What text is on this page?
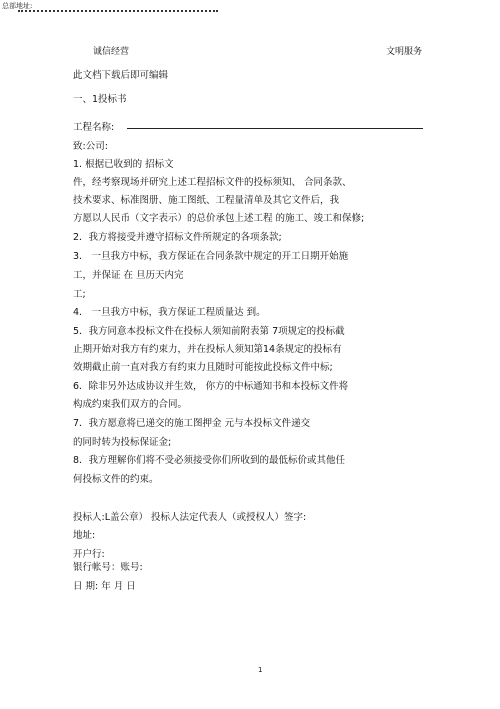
总部地址:
诚信经营	文明服务
此文档下载后即可编辑
一、1投标书
工程名称:
致:公司:
1. 根据已收到的 招标文
件，经考察现场并研究上述工程招标文件的投标须知、 合同条款、
技术要求、标准图册、施工图纸、工程量清单及其它文件后，我
方愿以人民币（文字表示）的总价承包上述工程 的施工、竣工和保修;
2．我方将接受并遵守招标文件所规定的各项条款;
3． 一旦我方中标，我方保证在合同条款中规定的开工日期开始施
工，并保证 在 旦历天内完
工;
4． 一旦我方中标，我方保证工程质量达 到。
5．我方同意本投标文件在投标人须知前附表第 7项规定的投标截
止期开始对我方有约束力，并在投标人须知第14条规定的投标有
效期截止前一直对我方有约束力且随时可能按此投标文件中标;
6．除非另外达成协议并生效， 你方的中标通知书和本投标文件将
构成约束我们双方的合同。
7．我方愿意将已递交的施工图押金 元与本投标文件递交
的同时转为投标保证金;
8．我方理解你们将不受必须接受你们所收到的最低标价或其他任
何投标文件的约束。
投标人:L盖公章） 投标人法定代表人（或授权人）签字:
地址:
开户行:
银行帐号：账号:
日 期: 年 月 日
1
